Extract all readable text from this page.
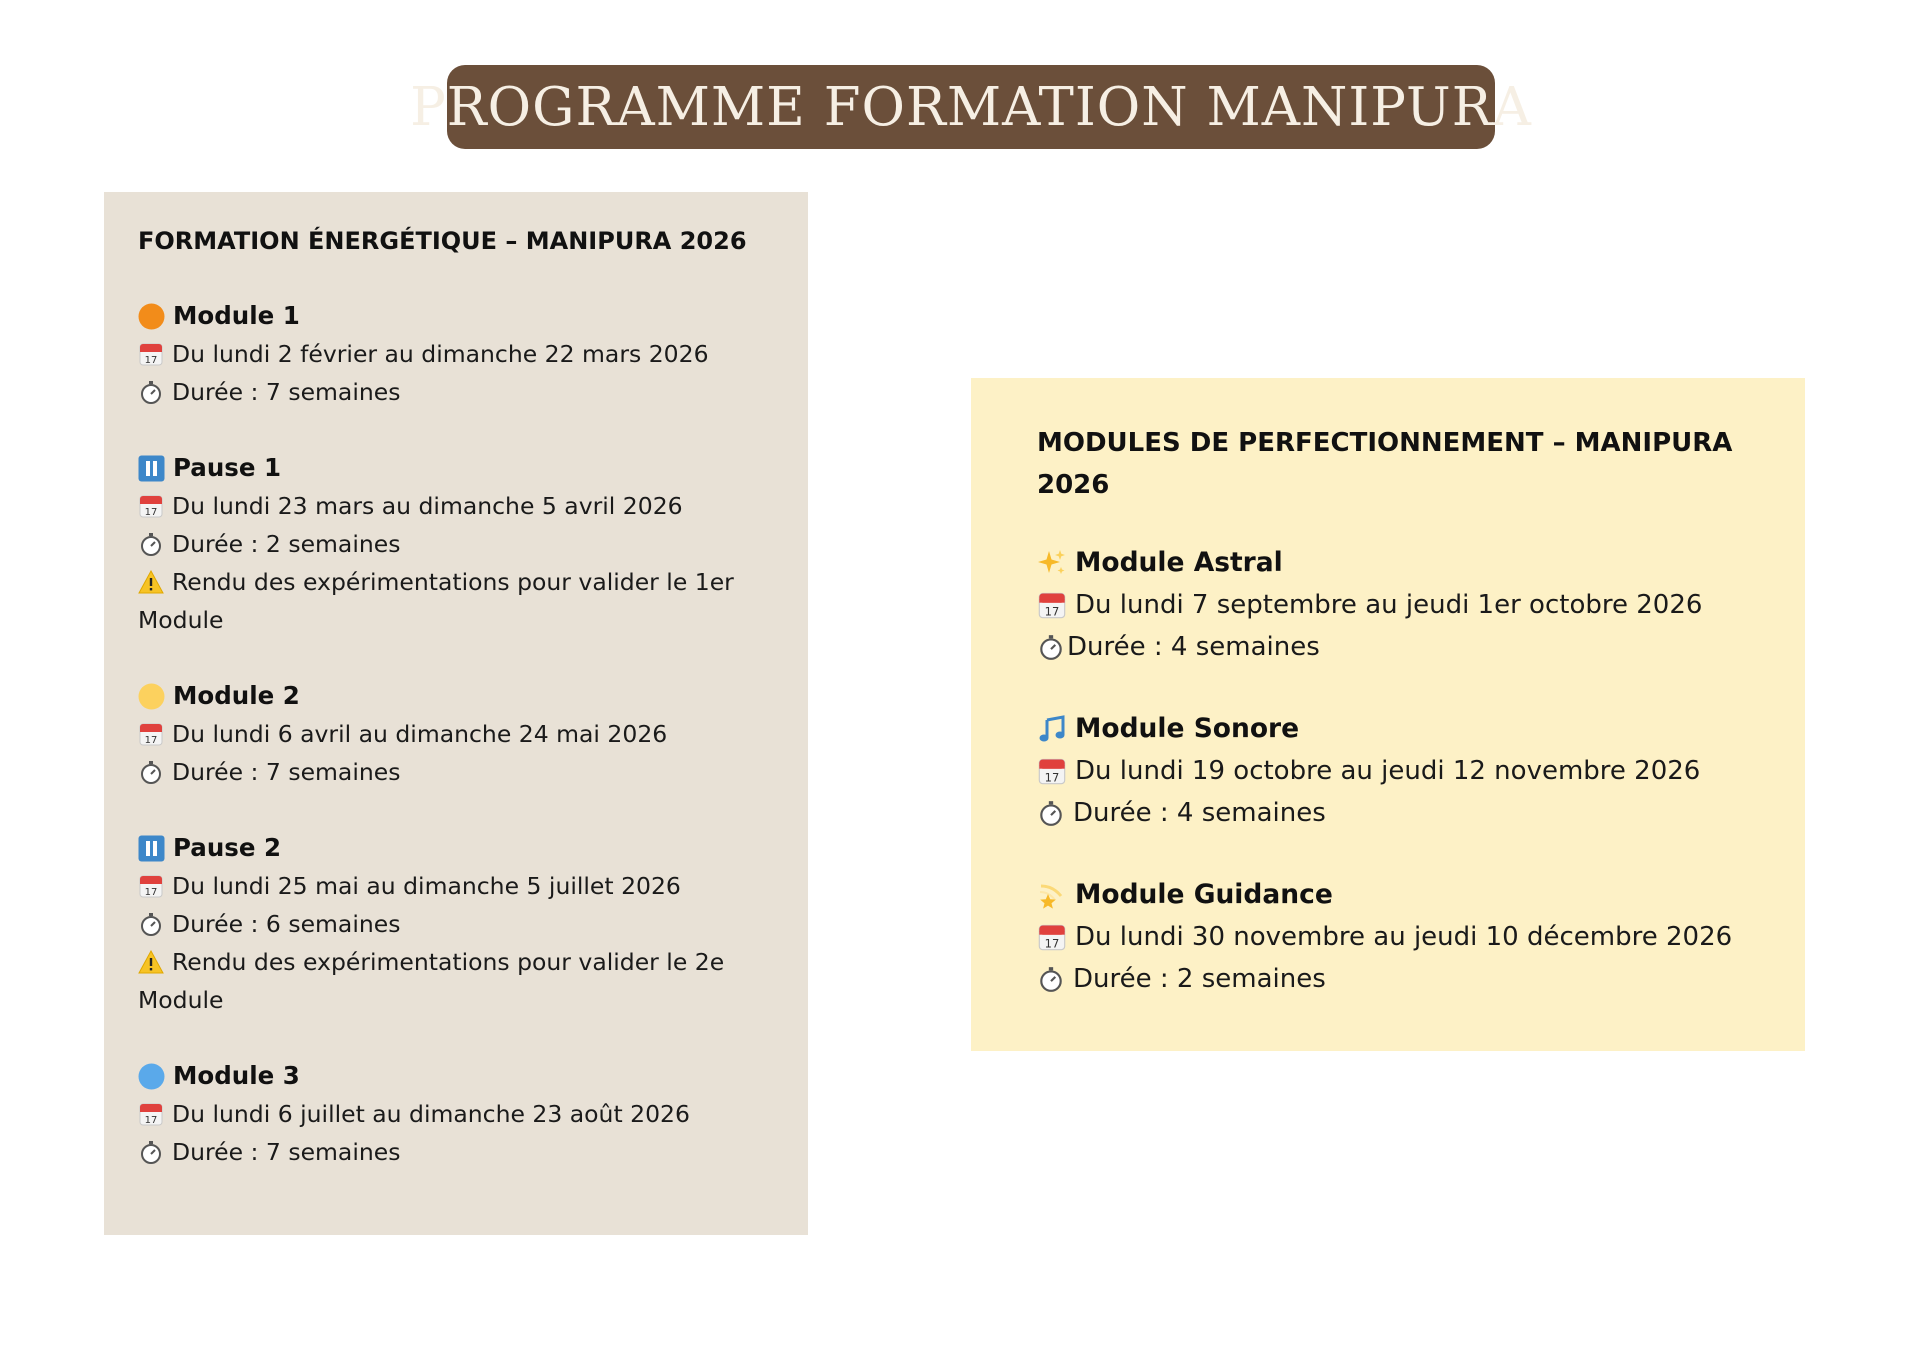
PROGRAMME FORMATION MANIPURA
FORMATION ÉNERGÉTIQUE – MANIPURA 2026
Module 1
17 Du lundi 2 février au dimanche 22 mars 2026
Durée : 7 semaines
Pause 1
17 Du lundi 23 mars au dimanche 5 avril 2026
Durée : 2 semaines
Rendu des expérimentations pour valider le 1er Module
Module 2
17 Du lundi 6 avril au dimanche 24 mai 2026
Durée : 7 semaines
Pause 2
17 Du lundi 25 mai au dimanche 5 juillet 2026
Durée : 6 semaines
Rendu des expérimentations pour valider le 2e Module
Module 3
17 Du lundi 6 juillet au dimanche 23 août 2026
Durée : 7 semaines
MODULES DE PERFECTIONNEMENT – MANIPURA 2026
Module Astral
17 Du lundi 7 septembre au jeudi 1er octobre 2026
Durée : 4 semaines
Module Sonore
17 Du lundi 19 octobre au jeudi 12 novembre 2026
Durée : 4 semaines
Module Guidance
17 Du lundi 30 novembre au jeudi 10 décembre 2026
Durée : 2 semaines
